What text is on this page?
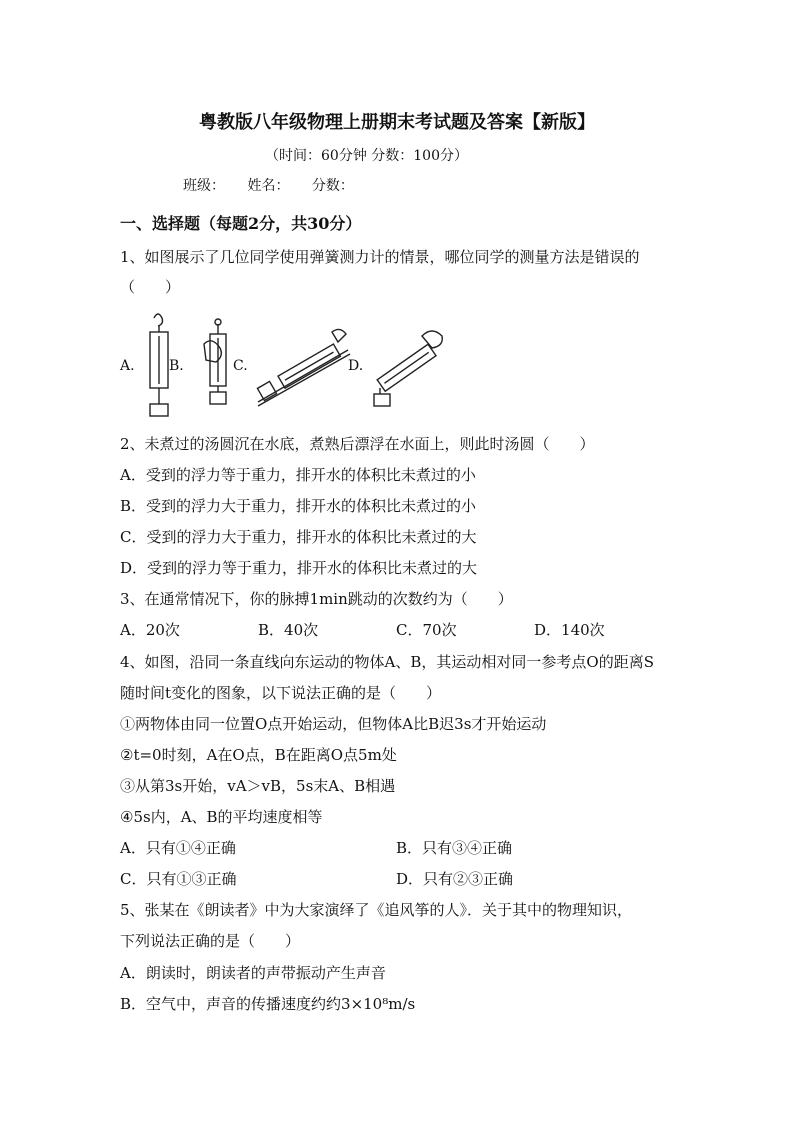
粤教版八年级物理上册期末考试题及答案【新版】
（时间：60分钟 分数：100分）
班级： 姓名： 分数：
一、选择题（每题2分，共30分）
1、如图展示了几位同学使用弹簧测力计的情景，哪位同学的测量方法是错误的
（　　）
A. B.	C.	D.
2、未煮过的汤圆沉在水底，煮熟后漂浮在水面上，则此时汤圆（　　）
A．受到的浮力等于重力，排开水的体积比未煮过的小
B．受到的浮力大于重力，排开水的体积比未煮过的小
C．受到的浮力大于重力，排开水的体积比未煮过的大
D．受到的浮力等于重力，排开水的体积比未煮过的大
3、在通常情况下，你的脉搏1min跳动的次数约为（　　）
A．20次	B．40次	C．70次	D．140次
4、如图，沿同一条直线向东运动的物体A、B，其运动相对同一参考点O的距离S
随时间t变化的图象，以下说法正确的是（　　）
①两物体由同一位置O点开始运动，但物体A比B迟3s才开始运动
②t=0时刻，A在O点，B在距离O点5m处
③从第3s开始，vA＞vB，5s末A、B相遇
④5s内，A、B的平均速度相等
A．只有①④正确	B．只有③④正确
C．只有①③正确	D．只有②③正确
5、张某在《朗读者》中为大家演绎了《追风筝的人》．关于其中的物理知识，
下列说法正确的是（　　）
A．朗读时，朗读者的声带振动产生声音
B．空气中，声音的传播速度约约3×10⁸m/s
